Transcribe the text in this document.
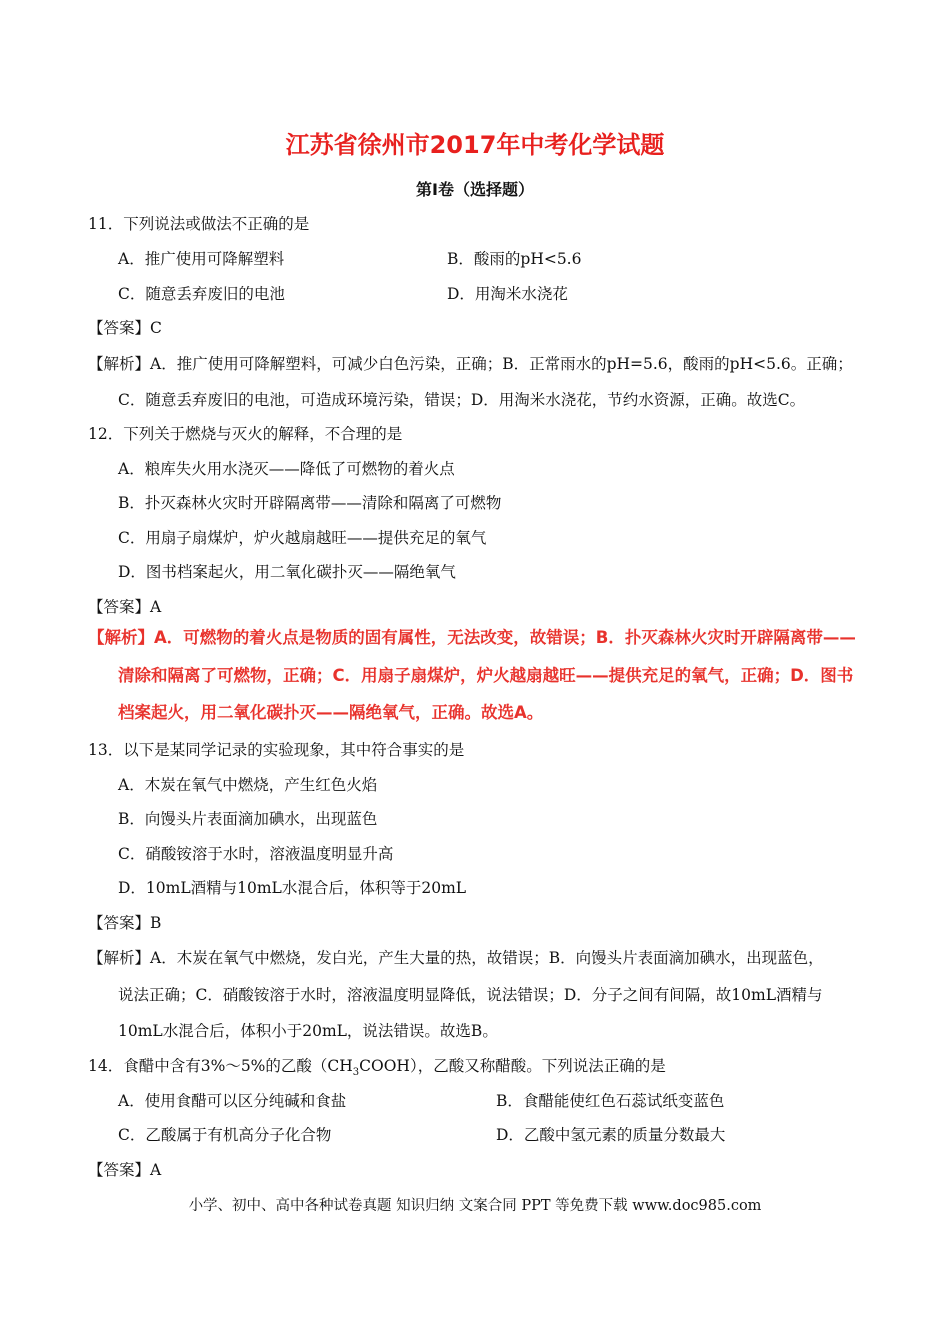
江苏省徐州市2017年中考化学试题
第Ⅰ卷（选择题）
11．下列说法或做法不正确的是
A．推广使用可降解塑料	B．酸雨的pH<5.6
C．随意丢弃废旧的电池	D．用淘米水浇花
【答案】C
【解析】A．推广使用可降解塑料，可减少白色污染，正确；B．正常雨水的pH=5.6，酸雨的pH<5.6。正确；
C．随意丢弃废旧的电池，可造成环境污染，错误；D．用淘米水浇花，节约水资源，正确。故选C。
12．下列关于燃烧与灭火的解释，不合理的是
A．粮库失火用水浇灭——降低了可燃物的着火点
B．扑灭森林火灾时开辟隔离带——清除和隔离了可燃物
C．用扇子扇煤炉，炉火越扇越旺——提供充足的氧气
D．图书档案起火，用二氧化碳扑灭——隔绝氧气
【答案】A
【解析】A．可燃物的着火点是物质的固有属性，无法改变，故错误；B．扑灭森林火灾时开辟隔离带——
清除和隔离了可燃物，正确；C．用扇子扇煤炉，炉火越扇越旺——提供充足的氧气，正确；D．图书
档案起火，用二氧化碳扑灭——隔绝氧气，正确。故选A。
13．以下是某同学记录的实验现象，其中符合事实的是
A．木炭在氧气中燃烧，产生红色火焰
B．向馒头片表面滴加碘水，出现蓝色
C．硝酸铵溶于水时，溶液温度明显升高
D．10mL酒精与10mL水混合后，体积等于20mL
【答案】B
【解析】A．木炭在氧气中燃烧，发白光，产生大量的热，故错误；B．向馒头片表面滴加碘水，出现蓝色，
说法正确；C．硝酸铵溶于水时，溶液温度明显降低，说法错误；D．分子之间有间隔，故10mL酒精与
10mL水混合后，体积小于20mL，说法错误。故选B。
14．食醋中含有3%～5%的乙酸$(CH_3COOH)$，乙酸又称醋酸。下列说法正确的是
A．使用食醋可以区分纯碱和食盐	B．食醋能使红色石蕊试纸变蓝色
C．乙酸属于有机高分子化合物	D．乙酸中氢元素的质量分数最大
【答案】A
小学、初中、高中各种试卷真题 知识归纳 文案合同 PPT 等免费下载 www.doc985.com
